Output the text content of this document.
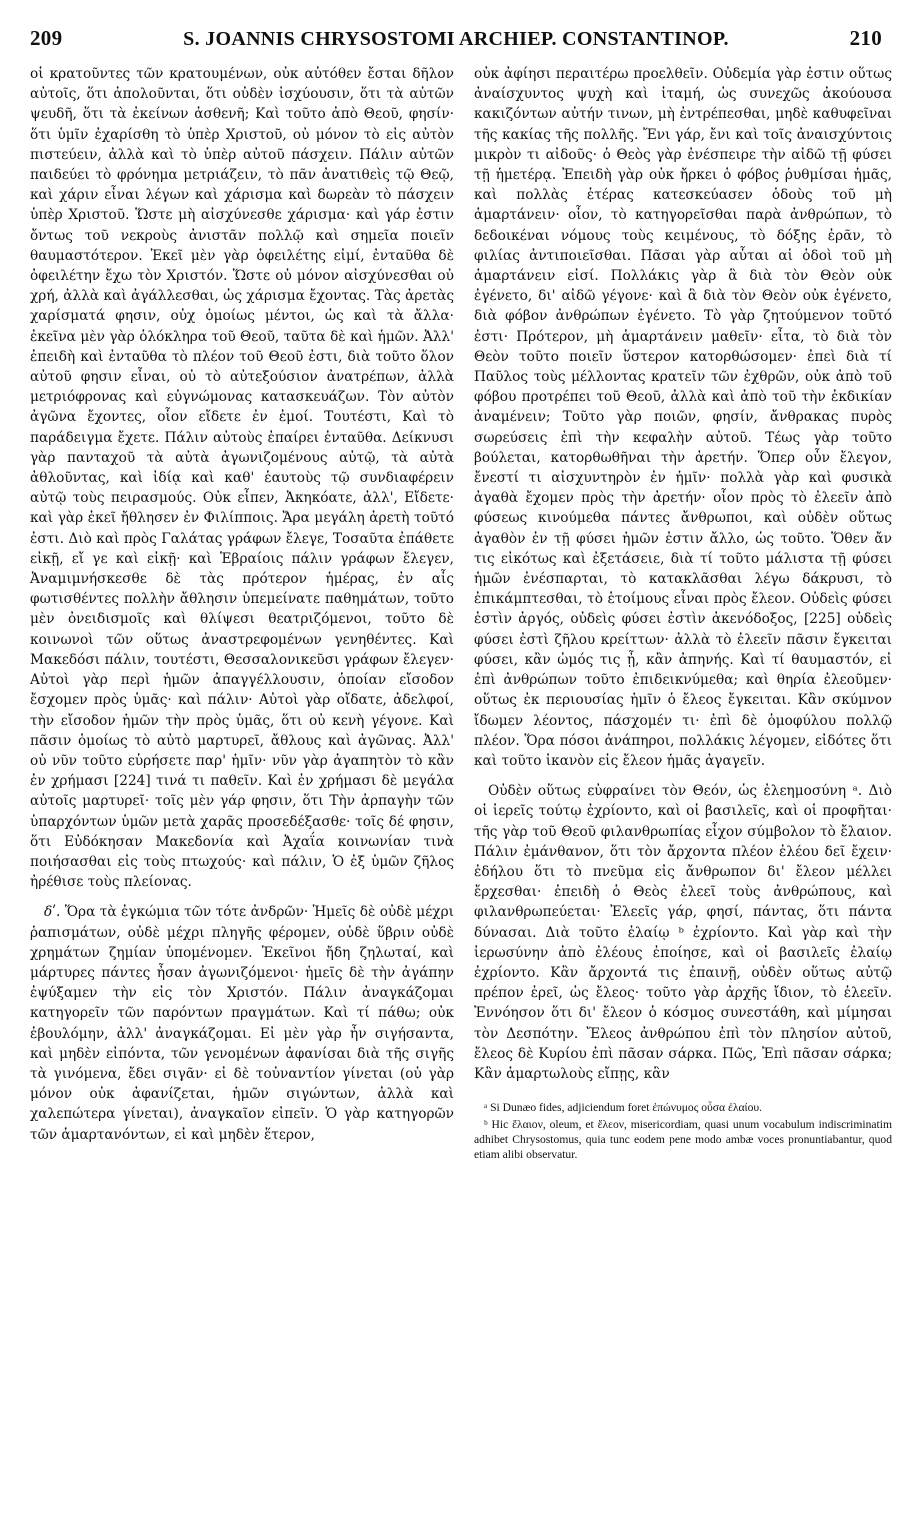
209	S. JOANNIS CHRYSOSTOMI ARCHIEP. CONSTANTINOP.	210

οἱ κρατοῦντες τῶν κρατουμένων, οὐκ αὐτόθεν ἔσται δῆλον αὐτοῖς, ὅτι ἀπολοῦνται, ὅτι οὐδὲν ἰσχύουσιν, ὅτι τὰ αὐτῶν ψευδῆ, ὅτι τὰ ἐκείνων ἀσθενῆ; Καὶ τοῦτο ἀπὸ Θεοῦ, φησίν· ὅτι ὑμῖν ἐχαρίσθη τὸ ὑπὲρ Χριστοῦ, οὐ μόνον τὸ εἰς αὐτὸν πιστεύειν, ἀλλὰ καὶ τὸ ὑπὲρ αὐτοῦ πάσχειν. Πάλιν αὐτῶν παιδεύει τὸ φρόνημα μετριάζειν, τὸ πᾶν ἀνατιθεὶς τῷ Θεῷ, καὶ χάριν εἶναι λέγων καὶ χάρισμα καὶ δωρεὰν τὸ πάσχειν ὑπὲρ Χριστοῦ. Ὥστε μὴ αἰσχύνεσθε χάρισμα· καὶ γάρ ἐστιν ὄντως τοῦ νεκροὺς ἀνιστᾶν πολλῷ καὶ σημεῖα ποιεῖν θαυμαστότερον. Ἐκεῖ μὲν γὰρ ὀφειλέτης εἰμί, ἐνταῦθα δὲ ὀφειλέτην ἔχω τὸν Χριστόν. Ὥστε οὐ μόνον αἰσχύνεσθαι οὐ χρή, ἀλλὰ καὶ ἀγάλλεσθαι, ὡς χάρισμα ἔχοντας. Τὰς ἀρετὰς χαρίσματά φησιν, οὐχ ὁμοίως μέντοι, ὡς καὶ τὰ ἄλλα· ἐκεῖνα μὲν γὰρ ὁλόκληρα τοῦ Θεοῦ, ταῦτα δὲ καὶ ἡμῶν. Ἀλλ' ἐπειδὴ καὶ ἐνταῦθα τὸ πλέον τοῦ Θεοῦ ἐστι, διὰ τοῦτο ὅλον αὐτοῦ φησιν εἶναι, οὐ τὸ αὐτεξούσιον ἀνατρέπων, ἀλλὰ μετριόφρονας καὶ εὐγνώμονας κατασκευάζων. Τὸν αὐτὸν ἀγῶνα ἔχοντες, οἷον εἴδετε ἐν ἐμοί. Τουτέστι, Καὶ τὸ παράδειγμα ἔχετε. Πάλιν αὐτοὺς ἐπαίρει ἐνταῦθα. Δείκνυσι γὰρ πανταχοῦ τὰ αὐτὰ ἀγωνιζομένους αὐτῷ, τὰ αὐτὰ ἀθλοῦντας, καὶ ἰδίᾳ καὶ καθ' ἑαυτοὺς τῷ συνδιαφέρειν αὐτῷ τοὺς πειρασμούς. Οὐκ εἶπεν, Ἀκηκόατε, ἀλλ', Εἴδετε· καὶ γὰρ ἐκεῖ ἤθλησεν ἐν Φιλίπποις. Ἄρα μεγάλη ἀρετὴ τοῦτό ἐστι. Διὸ καὶ πρὸς Γαλάτας γράφων ἔλεγε, Τοσαῦτα ἐπάθετε εἰκῇ, εἴ γε καὶ εἰκῇ· καὶ Ἑβραίοις πάλιν γράφων ἔλεγεν, Ἀναμιμνήσκεσθε δὲ τὰς πρότερον ἡμέρας, ἐν αἷς φωτισθέντες πολλὴν ἄθλησιν ὑπεμείνατε παθημάτων, τοῦτο μὲν ὀνειδισμοῖς καὶ θλίψεσι θεατριζόμενοι, τοῦτο δὲ κοινωνοὶ τῶν οὕτως ἀναστρεφομένων γενηθέντες. Καὶ Μακεδόσι πάλιν, τουτέστι, Θεσσαλονικεῦσι γράφων ἔλεγεν· Αὐτοὶ γὰρ περὶ ἡμῶν ἀπαγγέλλουσιν, ὁποίαν εἴσοδον ἔσχομεν πρὸς ὑμᾶς· καὶ πάλιν· Αὐτοὶ γὰρ οἴδατε, ἀδελφοί, τὴν εἴσοδον ἡμῶν τὴν πρὸς ὑμᾶς, ὅτι οὐ κενὴ γέγονε. Καὶ πᾶσιν ὁμοίως τὸ αὐτὸ μαρτυρεῖ, ἄθλους καὶ ἀγῶνας. Ἀλλ' οὐ νῦν τοῦτο εὑρήσετε παρ' ἡμῖν· νῦν γὰρ ἀγαπητὸν τὸ κἂν ἐν χρήμασι [224] τινά τι παθεῖν. Καὶ ἐν χρήμασι δὲ μεγάλα αὐτοῖς μαρτυρεῖ· τοῖς μὲν γάρ φησιν, ὅτι Τὴν ἁρπαγὴν τῶν ὑπαρχόντων ὑμῶν μετὰ χαρᾶς προσεδέξασθε· τοῖς δέ φησιν, ὅτι Εὐδόκησαν Μακεδονία καὶ Ἀχαΐα κοινωνίαν τινὰ ποιήσασθαι εἰς τοὺς πτωχούς· καὶ πάλιν, Ὁ ἐξ ὑμῶν ζῆλος ἠρέθισε τοὺς πλείονας.

δʹ. Ὅρα τὰ ἐγκώμια τῶν τότε ἀνδρῶν· Ἡμεῖς δὲ οὐδὲ μέχρι ῥαπισμάτων, οὐδὲ μέχρι πληγῆς φέρομεν, οὐδὲ ὕβριν οὐδὲ χρημάτων ζημίαν ὑπομένομεν. Ἐκεῖνοι ἤδη ζηλωταί, καὶ μάρτυρες πάντες ἦσαν ἀγωνιζόμενοι· ἡμεῖς δὲ τὴν ἀγάπην ἐψύξαμεν τὴν εἰς τὸν Χριστόν. Πάλιν ἀναγκάζομαι κατηγορεῖν τῶν παρόντων πραγμάτων. Καὶ τί πάθω; οὐκ ἐβουλόμην, ἀλλ' ἀναγκάζομαι. Εἰ μὲν γὰρ ἦν σιγήσαντα, καὶ μηδὲν εἰπόντα, τῶν γενομένων ἀφανίσαι διὰ τῆς σιγῆς τὰ γινόμενα, ἔδει σιγᾶν· εἰ δὲ τοὐναντίον γίνεται (οὐ γὰρ μόνον οὐκ ἀφανίζεται, ἡμῶν σιγώντων, ἀλλὰ καὶ χαλεπώτερα γίνεται), ἀναγκαῖον εἰπεῖν. Ὁ γὰρ κατηγορῶν τῶν ἁμαρτανόντων, εἰ καὶ μηδὲν ἕτερον,

οὐκ ἀφίησι περαιτέρω προελθεῖν. Οὐδεμία γὰρ ἐστιν οὕτως ἀναίσχυντος ψυχὴ καὶ ἰταμή, ὡς συνεχῶς ἀκούουσα κακιζόντων αὐτήν τινων, μὴ ἐντρέπεσθαι, μηδὲ καθυφεῖναι τῆς κακίας τῆς πολλῆς. Ἔνι γάρ, ἔνι καὶ τοῖς ἀναισχύντοις μικρὸν τι αἰδοῦς· ὁ Θεὸς γὰρ ἐνέσπειρε τὴν αἰδῶ τῇ φύσει τῇ ἡμετέρᾳ. Ἐπειδὴ γὰρ οὐκ ἤρκει ὁ φόβος ῥυθμίσαι ἡμᾶς, καὶ πολλὰς ἑτέρας κατεσκεύασεν ὁδοὺς τοῦ μὴ ἁμαρτάνειν· οἷον, τὸ κατηγορεῖσθαι παρὰ ἀνθρώπων, τὸ δεδοικέναι νόμους τοὺς κειμένους, τὸ δόξης ἐρᾶν, τὸ φιλίας ἀντιποιεῖσθαι. Πᾶσαι γὰρ αὗται αἱ ὁδοὶ τοῦ μὴ ἁμαρτάνειν εἰσί. Πολλάκις γὰρ ἃ διὰ τὸν Θεὸν οὐκ ἐγένετο, δι' αἰδῶ γέγονε· καὶ ἃ διὰ τὸν Θεὸν οὐκ ἐγένετο, διὰ φόβον ἀνθρώπων ἐγένετο. Τὸ γὰρ ζητούμενον τοῦτό ἐστι· Πρότερον, μὴ ἁμαρτάνειν μαθεῖν· εἶτα, τὸ διὰ τὸν Θεὸν τοῦτο ποιεῖν ὕστερον κατορθώσομεν· ἐπεὶ διὰ τί Παῦλος τοὺς μέλλοντας κρατεῖν τῶν ἐχθρῶν, οὐκ ἀπὸ τοῦ φόβου προτρέπει τοῦ Θεοῦ, ἀλλὰ καὶ ἀπὸ τοῦ τὴν ἐκδικίαν ἀναμένειν; Τοῦτο γὰρ ποιῶν, φησίν, ἄνθρακας πυρὸς σωρεύσεις ἐπὶ τὴν κεφαλὴν αὐτοῦ. Τέως γὰρ τοῦτο βούλεται, κατορθωθῆναι τὴν ἀρετήν. Ὅπερ οὖν ἔλεγον, ἔνεστί τι αἰσχυντηρὸν ἐν ἡμῖν· πολλὰ γὰρ καὶ φυσικὰ ἀγαθὰ ἔχομεν πρὸς τὴν ἀρετήν· οἷον πρὸς τὸ ἐλεεῖν ἀπὸ φύσεως κινούμεθα πάντες ἄνθρωποι, καὶ οὐδὲν οὕτως ἀγαθὸν ἐν τῇ φύσει ἡμῶν ἐστιν ἄλλο, ὡς τοῦτο. Ὅθεν ἄν τις εἰκότως καὶ ἐξετάσειε, διὰ τί τοῦτο μάλιστα τῇ φύσει ἡμῶν ἐνέσπαρται, τὸ κατακλᾶσθαι λέγω δάκρυσι, τὸ ἐπικάμπτεσθαι, τὸ ἑτοίμους εἶναι πρὸς ἔλεον. Οὐδεὶς φύσει ἐστὶν ἀργός, οὐδεὶς φύσει ἐστὶν ἀκενόδοξος, [225] οὐδεὶς φύσει ἐστὶ ζῆλου κρείττων· ἀλλὰ τὸ ἐλεεῖν πᾶσιν ἔγκειται φύσει, κἂν ὠμός τις ᾖ, κἂν ἀπηνής. Καὶ τί θαυμαστόν, εἰ ἐπὶ ἀνθρώπων τοῦτο ἐπιδεικνύμεθα; καὶ θηρία ἐλεοῦμεν· οὕτως ἐκ περιουσίας ἡμῖν ὁ ἔλεος ἔγκειται. Κἂν σκύμνον ἴδωμεν λέοντος, πάσχομέν τι· ἐπὶ δὲ ὁμοφύλου πολλῷ πλέον. Ὅρα πόσοι ἀνάπηροι, πολλάκις λέγομεν, εἰδότες ὅτι καὶ τοῦτο ἱκανὸν εἰς ἔλεον ἡμᾶς ἀγαγεῖν.

Οὐδὲν οὕτως εὐφραίνει τὸν Θεόν, ὡς ἐλεημοσύνη ᵃ. Διὸ οἱ ἱερεῖς τούτῳ ἐχρίοντο, καὶ οἱ βασιλεῖς, καὶ οἱ προφῆται· τῆς γὰρ τοῦ Θεοῦ φιλανθρωπίας εἶχον σύμβολον τὸ ἔλαιον. Πάλιν ἐμάνθανον, ὅτι τὸν ἄρχοντα πλέον ἐλέου δεῖ ἔχειν· ἐδήλου ὅτι τὸ πνεῦμα εἰς ἄνθρωπον δι' ἔλεον μέλλει ἔρχεσθαι· ἐπειδὴ ὁ Θεὸς ἐλεεῖ τοὺς ἀνθρώπους, καὶ φιλανθρωπεύεται· Ἐλεεῖς γάρ, φησί, πάντας, ὅτι πάντα δύνασαι. Διὰ τοῦτο ἐλαίῳ ᵇ ἐχρίοντο. Καὶ γὰρ καὶ τὴν ἱερωσύνην ἀπὸ ἐλέους ἐποίησε, καὶ οἱ βασιλεῖς ἐλαίῳ ἐχρίοντο. Κἂν ἄρχοντά τις ἐπαινῇ, οὐδὲν οὕτως αὐτῷ πρέπον ἐρεῖ, ὡς ἔλεος· τοῦτο γὰρ ἀρχῆς ἴδιον, τὸ ἐλεεῖν. Ἐννόησον ὅτι δι' ἔλεον ὁ κόσμος συνεστάθη, καὶ μίμησαι τὸν Δεσπότην. Ἔλεος ἀνθρώπου ἐπὶ τὸν πλησίον αὐτοῦ, ἔλεος δὲ Κυρίου ἐπὶ πᾶσαν σάρκα. Πῶς, Ἐπὶ πᾶσαν σάρκα; Κἂν ἁμαρτωλοὺς εἴπῃς, κἂν

ᵃ Si Dunæo fides, adjiciendum foret ἐπώνυμος οὖσα ἐλαίου.

ᵇ Hic ἔλαιον, oleum, et ἔλεον, misericordiam, quasi unum vocabulum indiscriminatim adhibet Chrysostomus, quia tunc eodem pene modo ambæ voces pronuntiabantur, quod etiam alibi observatur.
